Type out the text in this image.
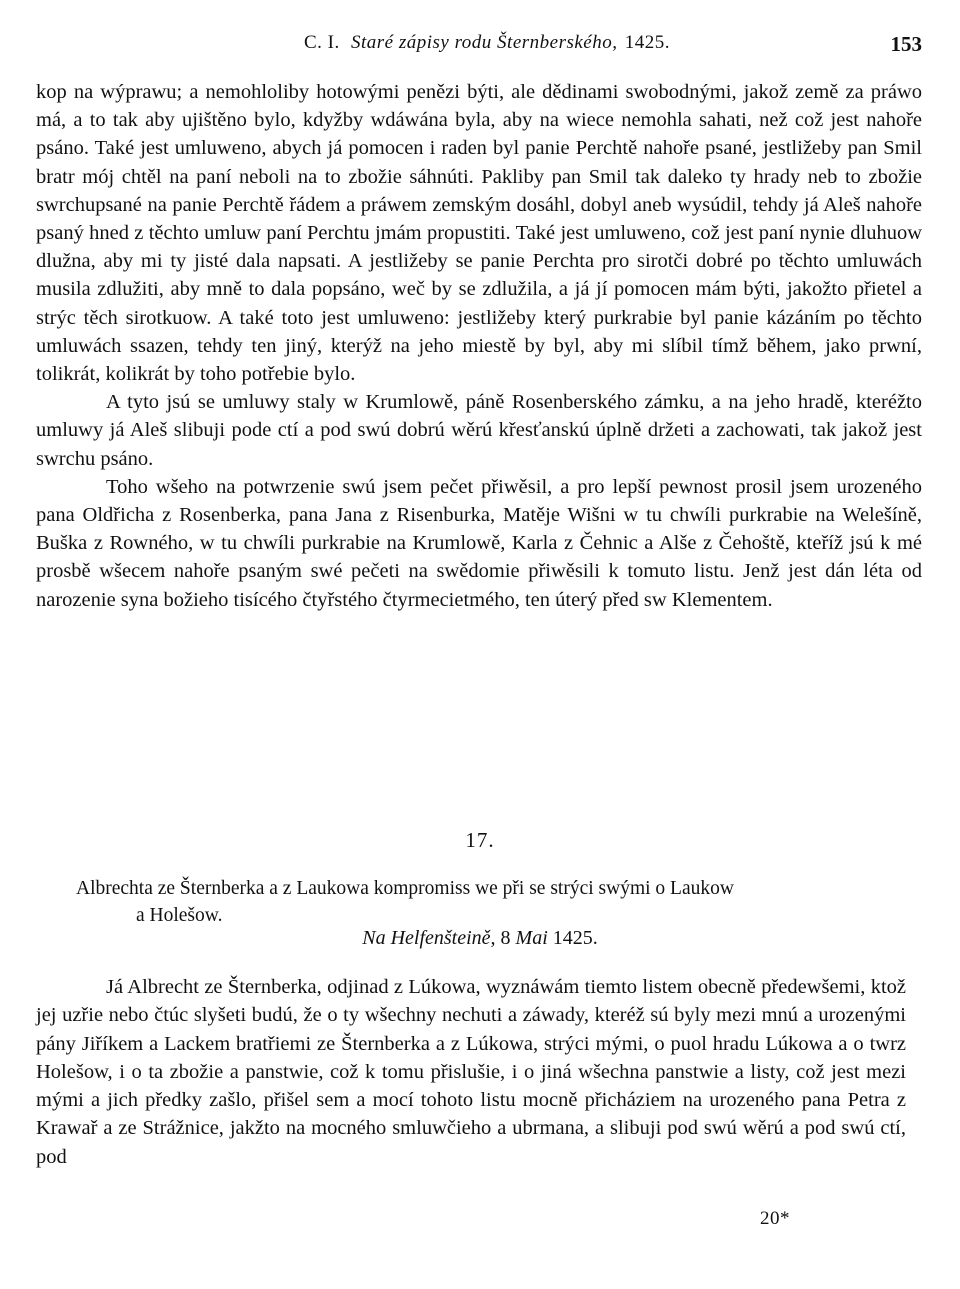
C. I. Staré zápisy rodu Šternberského, 1425.	153

kop na wýprawu; a nemohloliby hotowými penězi býti, ale dědinami swobodnými, jakož země za práwo má, a to tak aby ujištěno bylo, kdyžby wdáwána byla, aby na wiece nemohla sahati, než což jest nahoře psáno. Také jest umluweno, abych já pomocen i raden byl panie Perchtě nahoře psané, jestližeby pan Smil bratr mój chtěl na paní neboli na to zbožie sáhnúti. Pakliby pan Smil tak daleko ty hrady neb to zbožie swrchupsané na panie Perchtě řádem a práwem zemským dosáhl, dobyl aneb wysúdil, tehdy já Aleš nahoře psaný hned z těchto umluw paní Perchtu jmám propustiti. Také jest umluweno, což jest paní nynie dluhuow dlužna, aby mi ty jisté dala napsati. A jestližeby se panie Perchta pro sirotči dobré po těchto umluwách musila zdlužiti, aby mně to dala popsáno, weč by se zdlužila, a já jí pomocen mám býti, jakožto přietel a strýc těch sirotkuow. A také toto jest umluweno: jestližeby který purkrabie byl panie kázáním po těchto umluwách ssazen, tehdy ten jiný, kterýž na jeho miestě by byl, aby mi slíbil tímž během, jako prwní, tolikrát, kolikrát by toho potřebie bylo.

A tyto jsú se umluwy staly w Krumlowě, páně Rosenberského zámku, a na jeho hradě, kteréžto umluwy já Aleš slibuji pode ctí a pod swú dobrú wěrú křesťanskú úplně držeti a zachowati, tak jakož jest swrchu psáno.

Toho wšeho na potwrzenie swú jsem pečet přiwěsil, a pro lepší pewnost prosil jsem urozeného pana Oldřicha z Rosenberka, pana Jana z Risenburka, Matěje Wišni w tu chwíli purkrabie na Welešíně, Buška z Rowného, w tu chwíli purkrabie na Krumlowě, Karla z Čehnic a Alše z Čehoště, kteříž jsú k mé prosbě wšecem nahoře psaným swé pečeti na swědomie přiwěsili k tomuto listu. Jenž jest dán léta od narozenie syna božieho tisícého čtyřstého čtyrmecietmého, ten úterý před sw Klementem.

17.
Albrechta ze Šternberka a z Laukowa kompromiss we při se strýci swými o Laukow
a Holešow.
Na Helfenšteině, 8 Mai 1425.

Já Albrecht ze Šternberka, odjinad z Lúkowa, wyznáwám tiemto listem obecně předewšemi, ktož jej uzřie nebo čtúc slyšeti budú, že o ty wšechny nechuti a záwady, kteréž sú byly mezi mnú a urozenými pány Jiříkem a Lackem bratřiemi ze Šternberka a z Lúkowa, strýci mými, o puol hradu Lúkowa a o twrz Holešow, i o ta zbožie a panstwie, což k tomu přislušie, i o jiná wšechna panstwie a listy, což jest mezi mými a jich předky zašlo, přišel sem a mocí tohoto listu mocně přicháziem na urozeného pana Petra z Krawař a ze Strážnice, jakžto na mocného smluwčieho a ubrmana, a slibuji pod swú wěrú a pod swú ctí, pod

20*
